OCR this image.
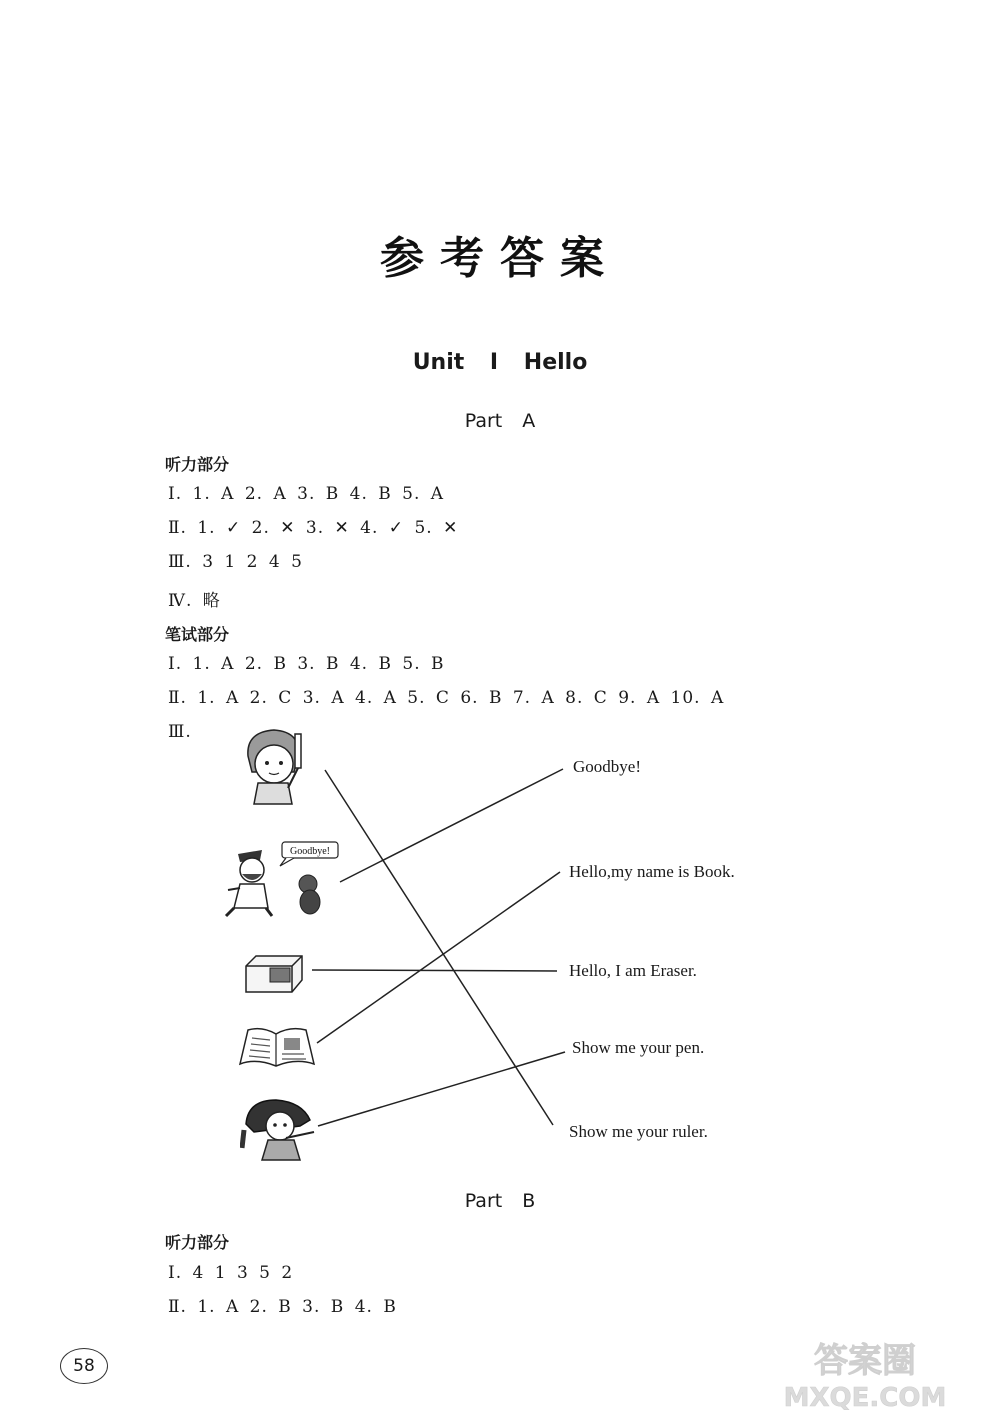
参考答案
Unit Ⅰ Hello
Part A
听力部分
Ⅰ. 1. A 2. A 3. B 4. B 5. A
Ⅱ. 1. ✓ 2. ✕ 3. ✕ 4. ✓ 5. ✕
Ⅲ. 3 1 2 4 5
Ⅳ. 略
笔试部分
Ⅰ. 1. A 2. B 3. B 4. B 5. B
Ⅱ. 1. A 2. C 3. A 4. A 5. C 6. B 7. A 8. C 9. A 10. A
Ⅲ.
Goodbye!
Hello,my name is Book.
Hello, I am Eraser.
Show me your pen.
Show me your ruler.
Goodbye!
Part B
听力部分
Ⅰ. 4 1 3 5 2
Ⅱ. 1. A 2. B 3. B 4. B
58	答案圈
MXQE.COM
